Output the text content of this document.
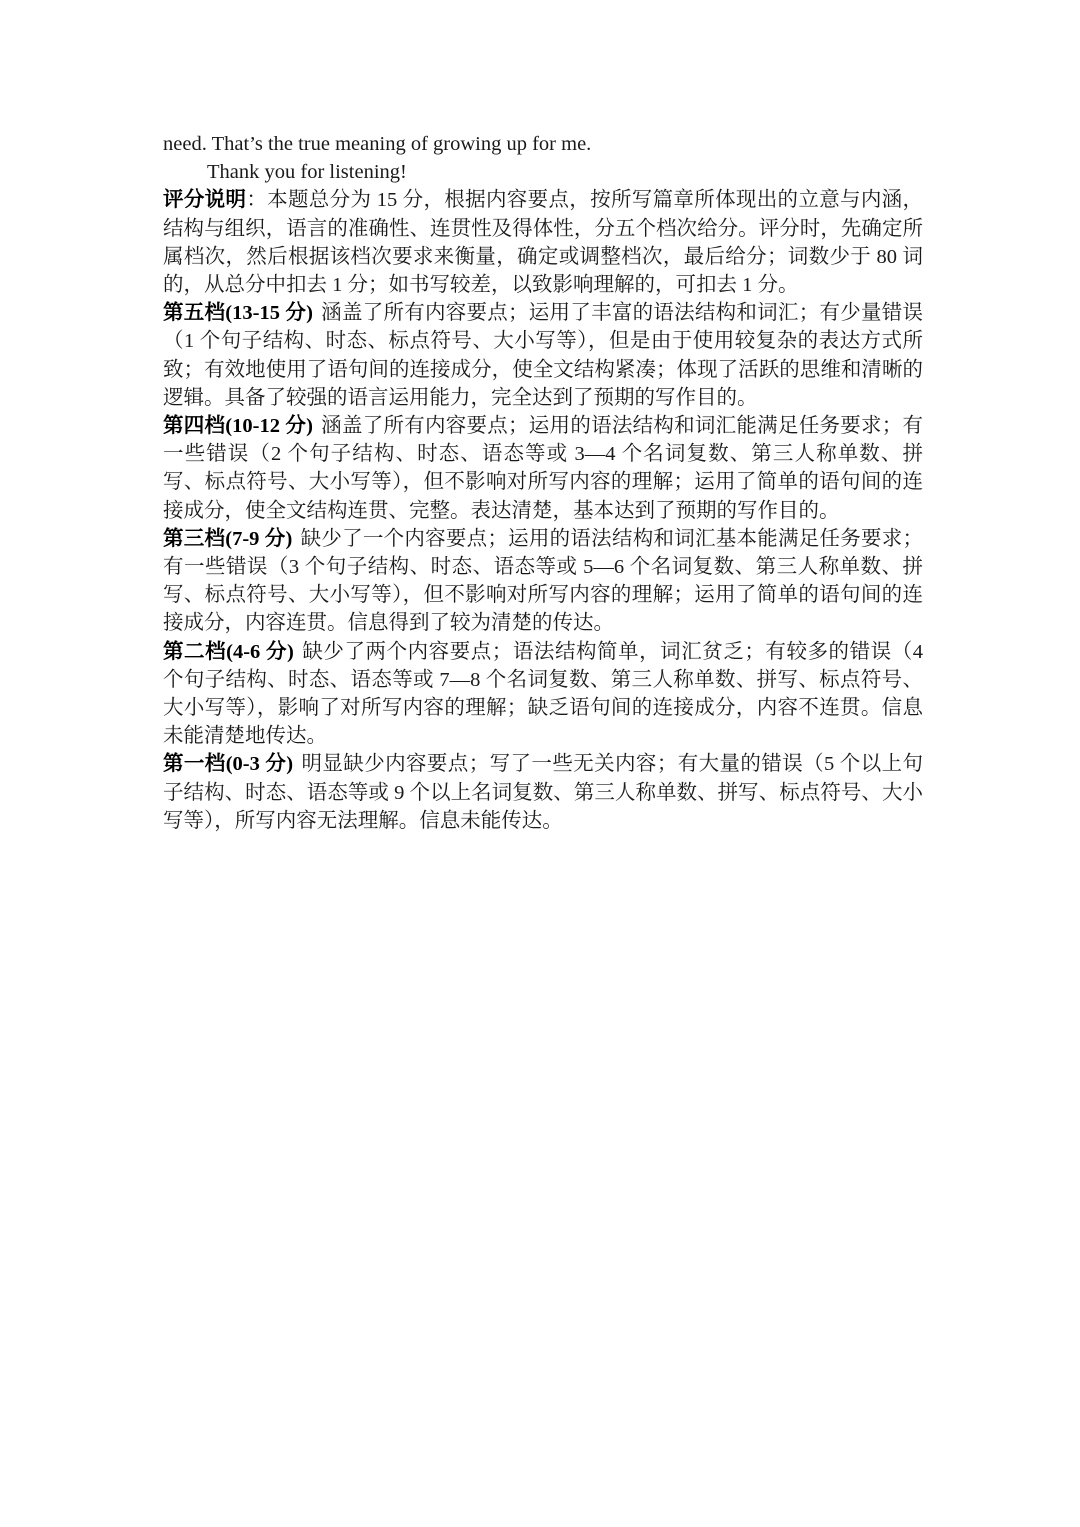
need. That’s the true meaning of growing up for me.

Thank you for listening!

评分说明：本题总分为 15 分，根据内容要点，按所写篇章所体现出的立意与内涵，结构与组织，语言的准确性、连贯性及得体性，分五个档次给分。评分时，先确定所属档次，然后根据该档次要求来衡量，确定或调整档次，最后给分；词数少于 80 词的，从总分中扣去 1 分；如书写较差，以致影响理解的，可扣去 1 分。

第五档(13-15 分) 涵盖了所有内容要点；运用了丰富的语法结构和词汇；有少量错误（1 个句子结构、时态、标点符号、大小写等），但是由于使用较复杂的表达方式所致；有效地使用了语句间的连接成分，使全文结构紧凑；体现了活跃的思维和清晰的逻辑。具备了较强的语言运用能力，完全达到了预期的写作目的。

第四档(10-12 分) 涵盖了所有内容要点；运用的语法结构和词汇能满足任务要求；有一些错误（2 个句子结构、时态、语态等或 3—4 个名词复数、第三人称单数、拼写、标点符号、大小写等），但不影响对所写内容的理解；运用了简单的语句间的连接成分，使全文结构连贯、完整。表达清楚，基本达到了预期的写作目的。

第三档(7-9 分) 缺少了一个内容要点；运用的语法结构和词汇基本能满足任务要求；有一些错误（3 个句子结构、时态、语态等或 5—6 个名词复数、第三人称单数、拼写、标点符号、大小写等），但不影响对所写内容的理解；运用了简单的语句间的连接成分，内容连贯。信息得到了较为清楚的传达。

第二档(4-6 分) 缺少了两个内容要点；语法结构简单，词汇贫乏；有较多的错误（4 个句子结构、时态、语态等或 7—8 个名词复数、第三人称单数、拼写、标点符号、大小写等），影响了对所写内容的理解；缺乏语句间的连接成分，内容不连贯。信息未能清楚地传达。

第一档(0-3 分) 明显缺少内容要点；写了一些无关内容；有大量的错误（5 个以上句子结构、时态、语态等或 9 个以上名词复数、第三人称单数、拼写、标点符号、大小写等），所写内容无法理解。信息未能传达。
